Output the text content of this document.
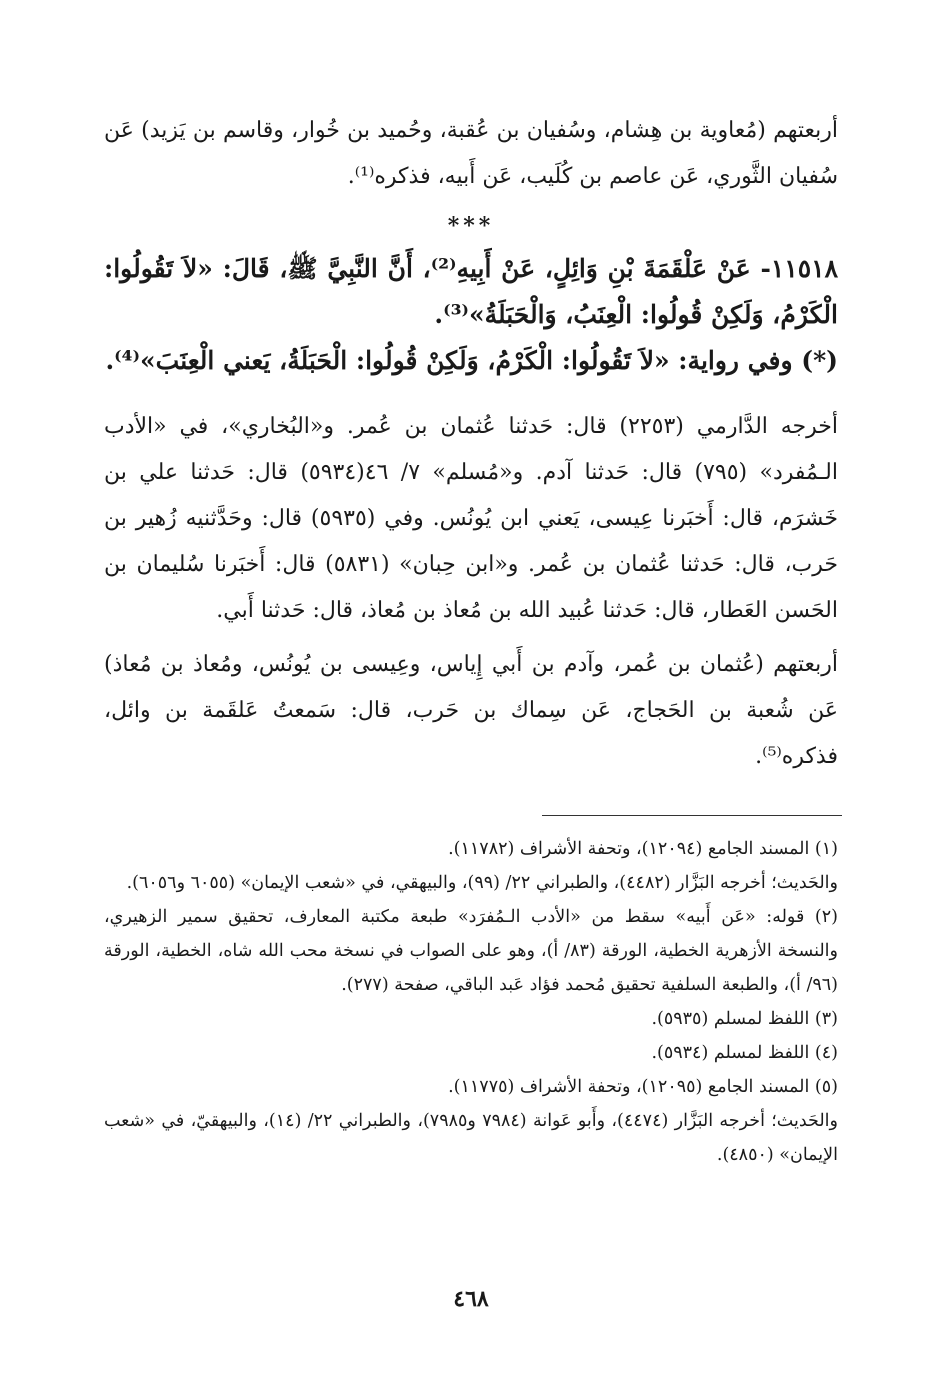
أربعتهم (مُعاوية بن هِشام، وسُفيان بن عُقبة، وحُميد بن خُوار، وقاسم بن يَزيد) عَن سُفيان الثَّوري، عَن عاصم بن كُلَيب، عَن أَبيه، فذكره⁽¹⁾.

***

١١٥١٨- عَنْ عَلْقَمَةَ بْنِ وَائِلٍ، عَنْ أَبِيهِ⁽²⁾، أَنَّ النَّبِيَّ ﷺ، قَالَ: «لاَ تَقُولُوا: الْكَرْمُ، وَلَكِنْ قُولُوا: الْعِنَبُ، وَالْحَبَلَةُ»⁽³⁾.

(*) وفي رواية: «لاَ تَقُولُوا: الْكَرْمُ، وَلَكِنْ قُولُوا: الْحَبَلَةُ، يَعني الْعِنَبَ»⁽⁴⁾.

أخرجه الدَّارمي (٢٢٥٣) قال: حَدثنا عُثمان بن عُمر. و«البُخاري»، في «الأدب الـمُفرد» (٧٩٥) قال: حَدثنا آدم. و«مُسلم» ٧/ ٤٦(٥٩٣٤) قال: حَدثنا علي بن خَشرَم، قال: أَخبَرنا عِيسى، يَعني ابن يُونُس. وفي (٥٩٣٥) قال: وحَدَّثنيه زُهير بن حَرب، قال: حَدثنا عُثمان بن عُمر. و«ابن حِبان» (٥٨٣١) قال: أَخبَرنا سُليمان بن الحَسن العَطار، قال: حَدثنا عُبيد الله بن مُعاذ بن مُعاذ، قال: حَدثنا أَبي.

أربعتهم (عُثمان بن عُمر، وآدم بن أَبي إِياس، وعِيسى بن يُونُس، ومُعاذ بن مُعاذ) عَن شُعبة بن الحَجاج، عَن سِماك بن حَرب، قال: سَمعتُ عَلقَمة بن وائل، فذكره⁽⁵⁾.

(١) المسند الجامع (١٢٠٩٤)، وتحفة الأشراف (١١٧٨٢).

والحَديث؛ أخرجه البَزَّار (٤٤٨٢)، والطبراني ٢٢/ (٩٩)، والبيهقي، في «شعب الإيمان» (٦٠٥٥ و٦٠٥٦).

(٢) قوله: «عَن أَبيه» سقط من «الأدب الـمُفرَد» طبعة مكتبة المعارف، تحقيق سمير الزهيري، والنسخة الأزهرية الخطية، الورقة (٨٣/ أ)، وهو على الصواب في نسخة محب الله شاه، الخطية، الورقة (٩٦/ أ)، والطبعة السلفية تحقيق مُحمد فؤاد عَبد الباقي، صفحة (٢٧٧).

(٣) اللفظ لمسلم (٥٩٣٥).

(٤) اللفظ لمسلم (٥٩٣٤).

(٥) المسند الجامع (١٢٠٩٥)، وتحفة الأشراف (١١٧٧٥).

والحَديث؛ أخرجه البَزَّار (٤٤٧٤)، وأَبو عَوانة (٧٩٨٤ و٧٩٨٥)، والطبراني ٢٢/ (١٤)، والبيهقيّ، في «شعب الإيمان» (٤٨٥٠).

٤٦٨
